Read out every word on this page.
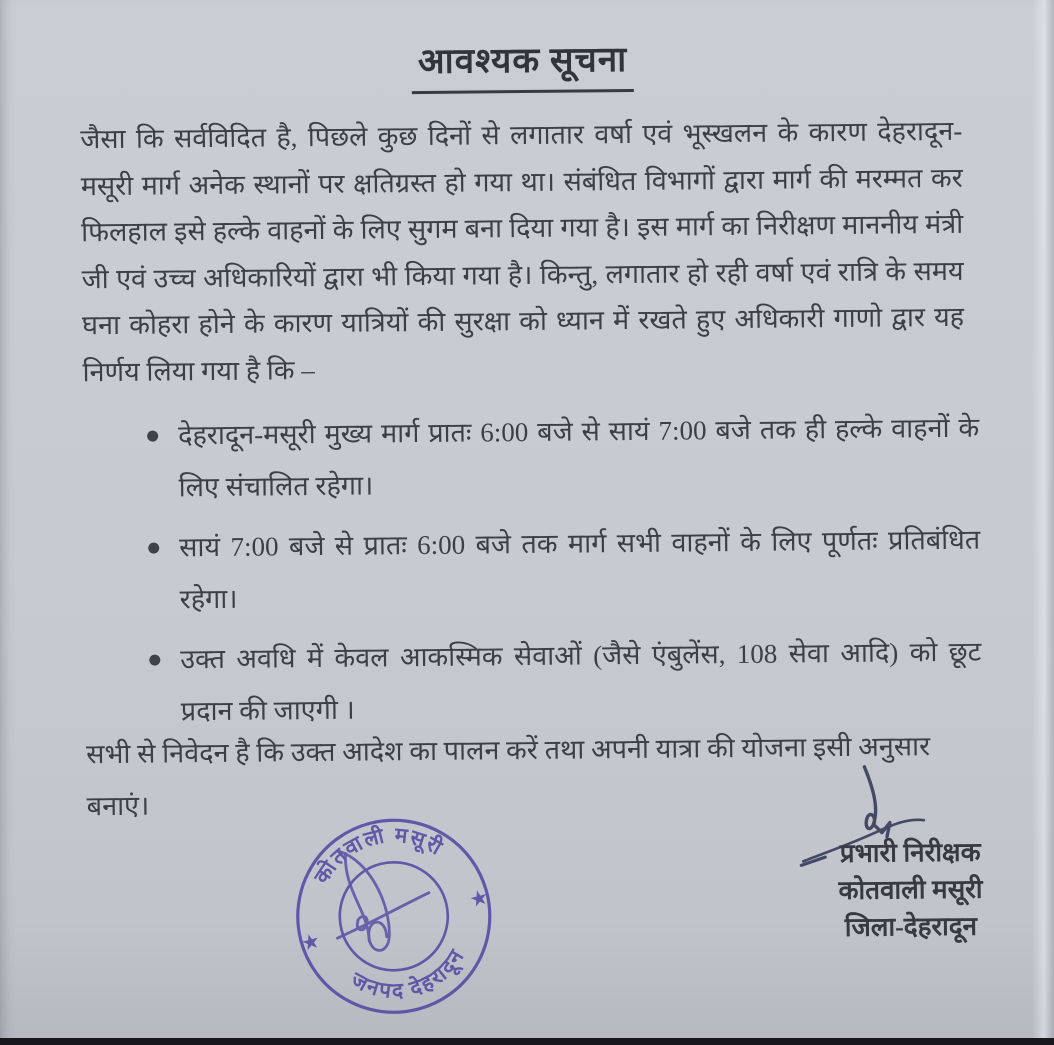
आवश्यक सूचना

जैसा कि सर्वविदित है, पिछले कुछ दिनों से लगातार वर्षा एवं भूस्खलन के कारण देहरादून-मसूरी मार्ग अनेक स्थानों पर क्षतिग्रस्त हो गया था। संबंधित विभागों द्वारा मार्ग की मरम्मत कर फिलहाल इसे हल्के वाहनों के लिए सुगम बना दिया गया है। इस मार्ग का निरीक्षण माननीय मंत्री जी एवं उच्च अधिकारियों द्वारा भी किया गया है। किन्तु, लगातार हो रही वर्षा एवं रात्रि के समय घना कोहरा होने के कारण यात्रियों की सुरक्षा को ध्यान में रखते हुए अधिकारी गाणो द्वार यह निर्णय लिया गया है कि –

देहरादून-मसूरी मुख्य मार्ग प्रातः 6:00 बजे से सायं 7:00 बजे तक ही हल्के वाहनों के लिए संचालित रहेगा।
सायं 7:00 बजे से प्रातः 6:00 बजे तक मार्ग सभी वाहनों के लिए पूर्णतः प्रतिबंधित रहेगा।
उक्त अवधि में केवल आकस्मिक सेवाओं (जैसे एंबुलेंस, 108 सेवा आदि) को छूट प्रदान की जाएगी ।

सभी से निवेदन है कि उक्त आदेश का पालन करें तथा अपनी यात्रा की योजना इसी अनुसार बनाएं।

कोतवाली मसूरी
जनपद देहरादून
★
★
प्रभारी निरीक्षक
कोतवाली मसूरी
जिला-देहरादून
